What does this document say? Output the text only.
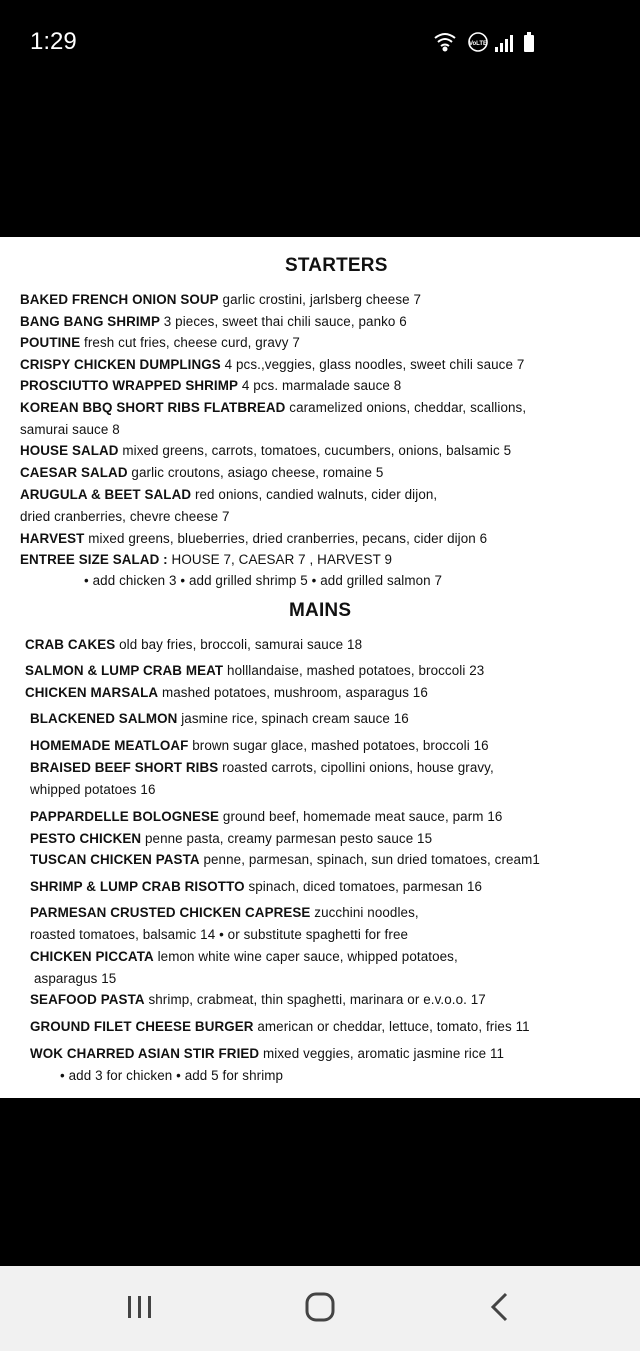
1:29	VoLTE
STARTERS
BAKED FRENCH ONION SOUP garlic crostini, jarlsberg cheese 7
BANG BANG SHRIMP 3 pieces, sweet thai chili sauce, panko 6
POUTINE fresh cut fries, cheese curd, gravy 7
CRISPY CHICKEN DUMPLINGS 4 pcs.,veggies, glass noodles, sweet chili sauce 7
PROSCIUTTO WRAPPED SHRIMP 4 pcs. marmalade sauce 8
KOREAN BBQ SHORT RIBS FLATBREAD caramelized onions, cheddar, scallions,
samurai sauce 8
HOUSE SALAD mixed greens, carrots, tomatoes, cucumbers, onions, balsamic 5
CAESAR SALAD garlic croutons, asiago cheese, romaine 5
ARUGULA & BEET SALAD red onions, candied walnuts, cider dijon,
dried cranberries, chevre cheese 7
HARVEST mixed greens, blueberries, dried cranberries, pecans, cider dijon 6
ENTREE SIZE SALAD : HOUSE 7, CAESAR 7 , HARVEST 9
• add chicken 3 • add grilled shrimp 5 • add grilled salmon 7
MAINS
CRAB CAKES old bay fries, broccoli, samurai sauce 18
SALMON & LUMP CRAB MEAT holllandaise, mashed potatoes, broccoli 23
CHICKEN MARSALA mashed potatoes, mushroom, asparagus 16
BLACKENED SALMON jasmine rice, spinach cream sauce 16
HOMEMADE MEATLOAF brown sugar glace, mashed potatoes, broccoli 16
BRAISED BEEF SHORT RIBS roasted carrots, cipollini onions, house gravy,
whipped potatoes 16
PAPPARDELLE BOLOGNESE ground beef, homemade meat sauce, parm 16
PESTO CHICKEN penne pasta, creamy parmesan pesto sauce 15
TUSCAN CHICKEN PASTA penne, parmesan, spinach, sun dried tomatoes, cream1
SHRIMP & LUMP CRAB RISOTTO spinach, diced tomatoes, parmesan 16
PARMESAN CRUSTED CHICKEN CAPRESE zucchini noodles,
roasted tomatoes, balsamic 14 • or substitute spaghetti for free
CHICKEN PICCATA lemon white wine caper sauce, whipped potatoes,
asparagus 15
SEAFOOD PASTA shrimp, crabmeat, thin spaghetti, marinara or e.v.o.o. 17
GROUND FILET CHEESE BURGER american or cheddar, lettuce, tomato, fries 11
WOK CHARRED ASIAN STIR FRIED mixed veggies, aromatic jasmine rice 11
• add 3 for chicken • add 5 for shrimp
